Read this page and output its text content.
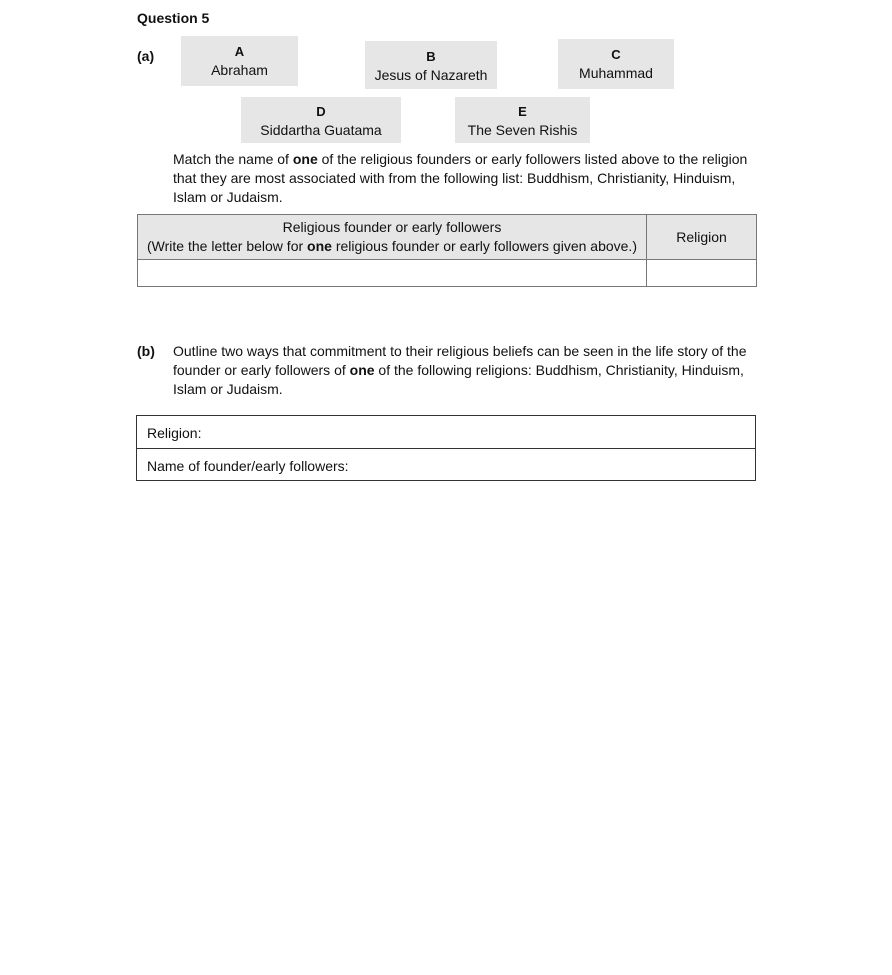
Question 5
(a)	A
Abraham
B
Jesus of Nazareth
C
Muhammad
D
Siddartha Guatama
E
The Seven Rishis
Match the name of one of the religious founders or early followers listed above to the religion that they are most associated with from the following list: Buddhism, Christianity, Hinduism, Islam or Judaism.
Religious founder or early followers
(Write the letter below for one religious founder or early followers given above.)	Religion

(b) Outline two ways that commitment to their religious beliefs can be seen in the life story of the founder or early followers of one of the following religions: Buddhism, Christianity, Hinduism, Islam or Judaism.
Religion:
Name of founder/early followers:
